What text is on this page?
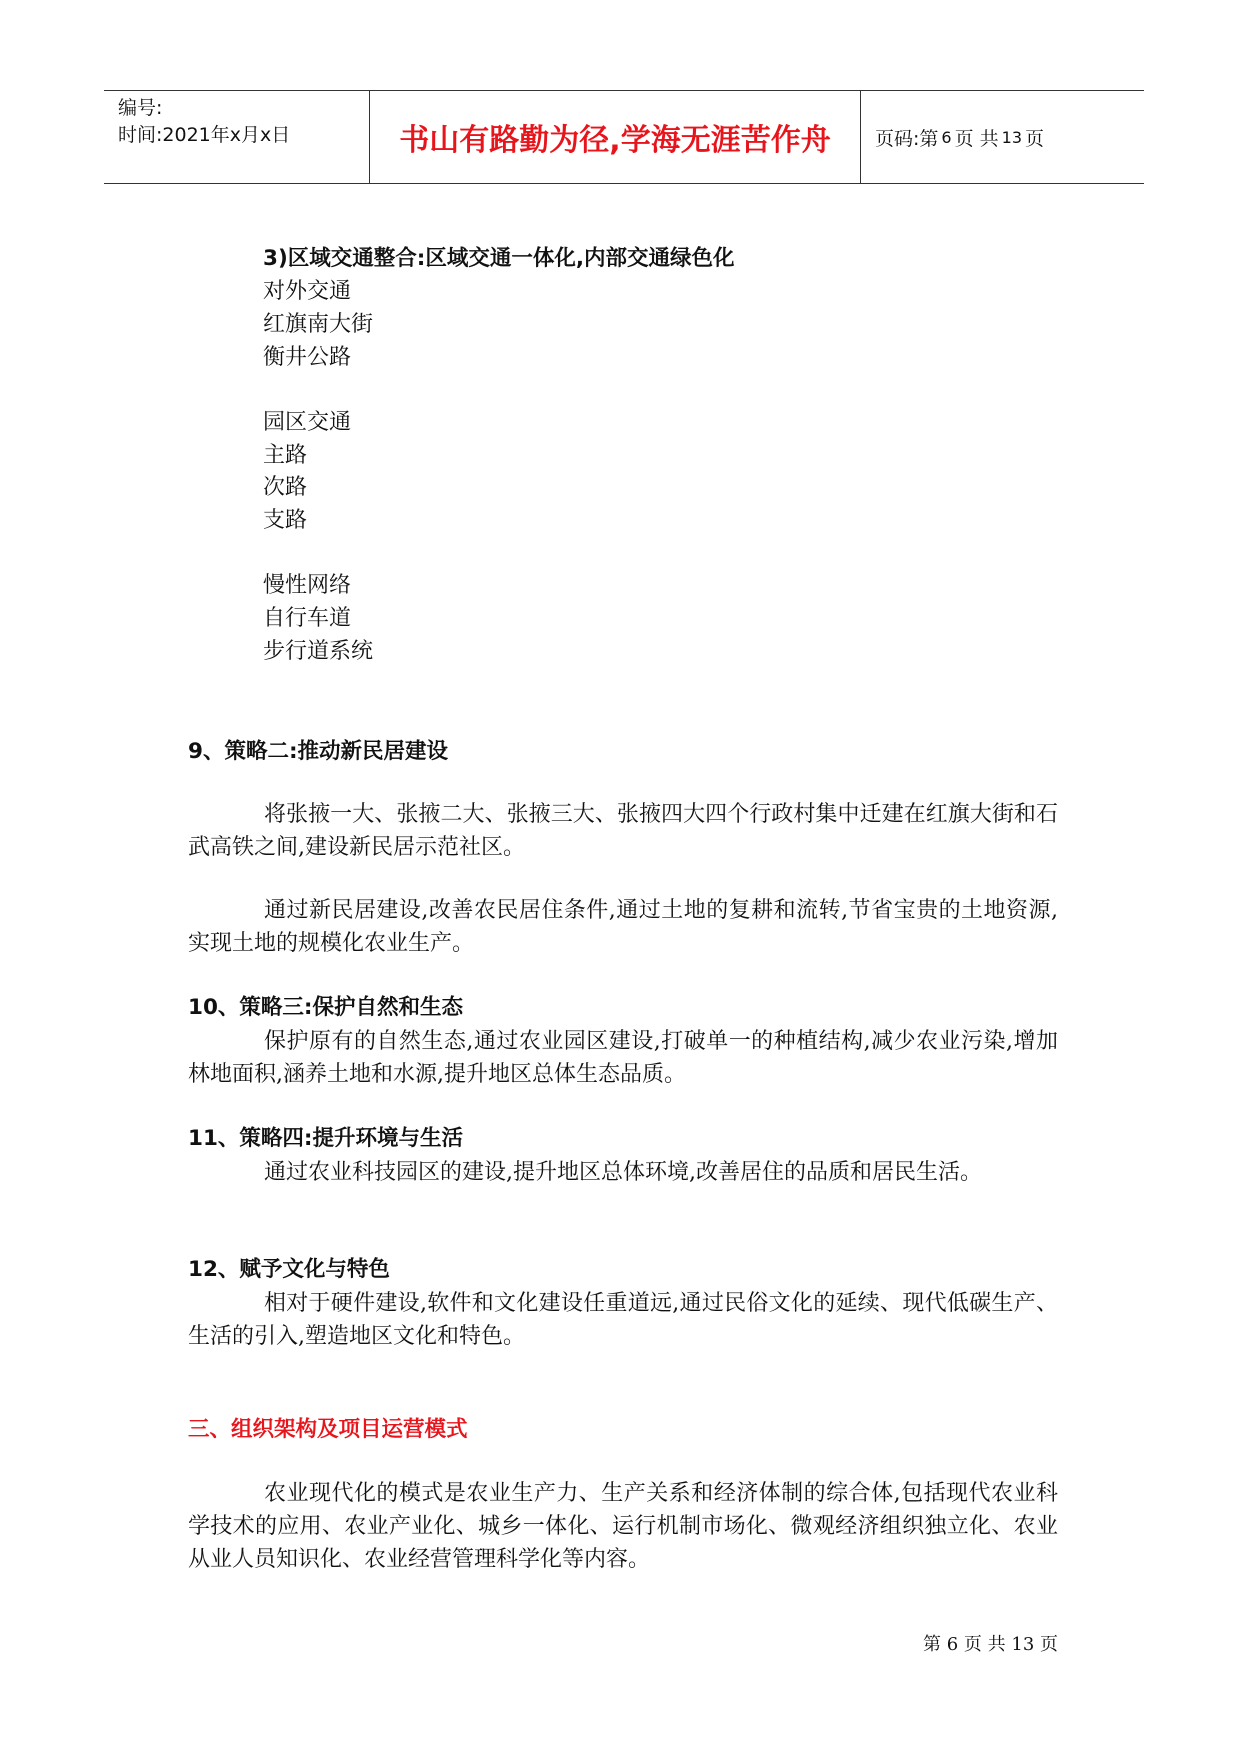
编号:
时间:2021年x月x日	书山有路勤为径,学海无涯苦作舟	页码:第 6 页 共 13 页
3)区域交通整合:区域交通一体化,内部交通绿色化
对外交通
红旗南大街
衡井公路
园区交通
主路
次路
支路
慢性网络
自行车道
步行道系统
9、策略二:推动新民居建设
将张掖一大、张掖二大、张掖三大、张掖四大四个行政村集中迁建在红旗大街和石武高铁之间,建设新民居示范社区。
通过新民居建设,改善农民居住条件,通过土地的复耕和流转,节省宝贵的土地资源,实现土地的规模化农业生产。
10、策略三:保护自然和生态
保护原有的自然生态,通过农业园区建设,打破单一的种植结构,减少农业污染,增加林地面积,涵养土地和水源,提升地区总体生态品质。
11、策略四:提升环境与生活
通过农业科技园区的建设,提升地区总体环境,改善居住的品质和居民生活。
12、赋予文化与特色
相对于硬件建设,软件和文化建设任重道远,通过民俗文化的延续、现代低碳生产、生活的引入,塑造地区文化和特色。
三、组织架构及项目运营模式
农业现代化的模式是农业生产力、生产关系和经济体制的综合体,包括现代农业科学技术的应用、农业产业化、城乡一体化、运行机制市场化、微观经济组织独立化、农业从业人员知识化、农业经营管理科学化等内容。
第 6 页 共 13 页
